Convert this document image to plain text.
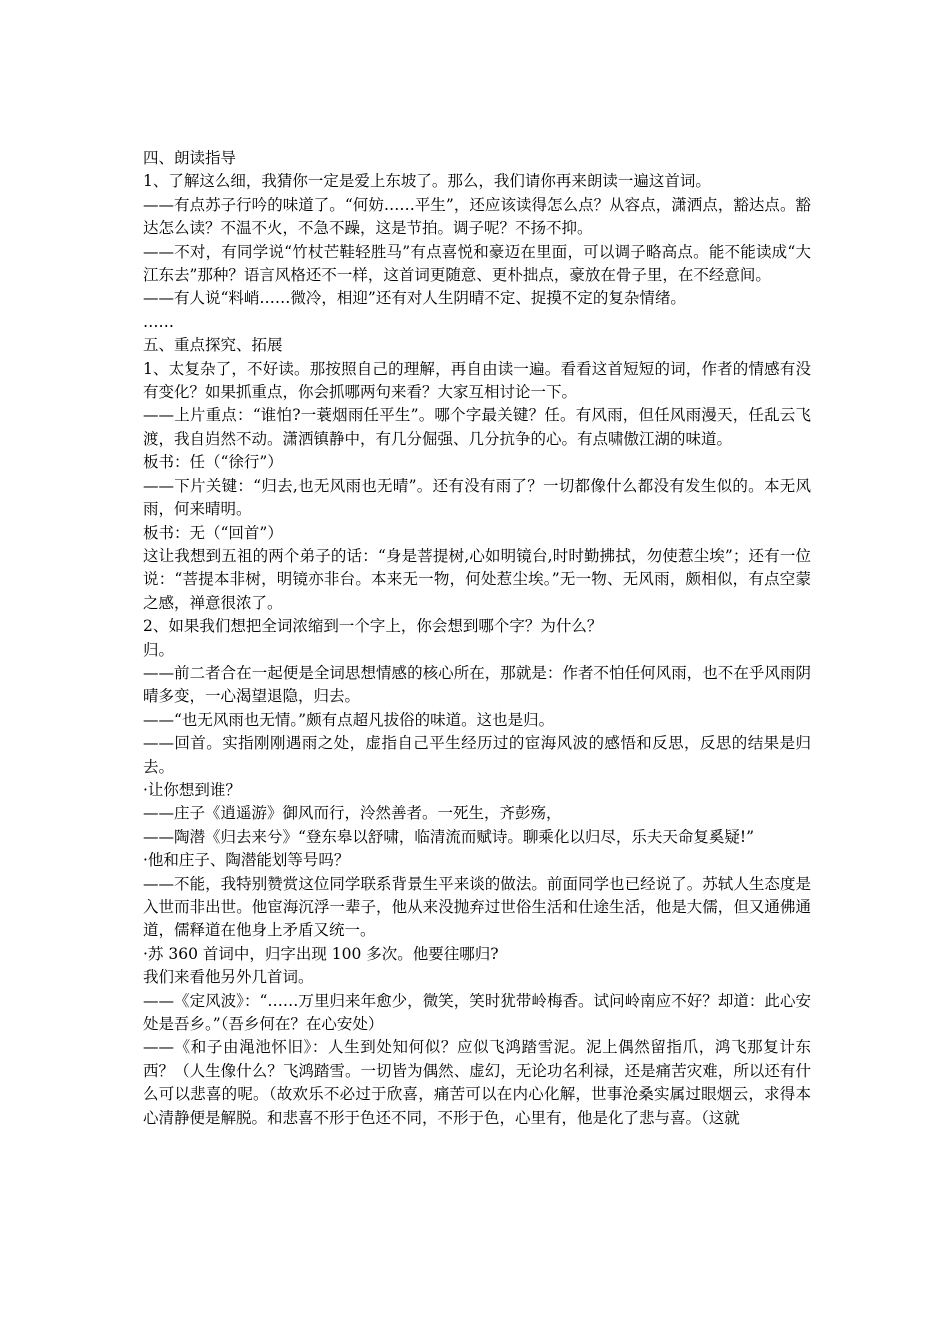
四、朗读指导

1、了解这么细，我猜你一定是爱上东坡了。那么，我们请你再来朗读一遍这首词。

——有点苏子行吟的味道了。“何妨……平生”，还应该读得怎么点？从容点，潇洒点，豁达点。豁达怎么读？不温不火，不急不躁，这是节拍。调子呢？不扬不抑。

——不对，有同学说“竹杖芒鞋轻胜马”有点喜悦和豪迈在里面，可以调子略高点。能不能读成“大江东去”那种？语言风格还不一样，这首词更随意、更朴拙点，豪放在骨子里，在不经意间。

——有人说“料峭……微冷，相迎”还有对人生阴晴不定、捉摸不定的复杂情绪。

……

五、重点探究、拓展

1、太复杂了，不好读。那按照自己的理解，再自由读一遍。看看这首短短的词，作者的情感有没有变化？如果抓重点，你会抓哪两句来看？大家互相讨论一下。

——上片重点：“谁怕?一蓑烟雨任平生”。哪个字最关键？任。有风雨，但任风雨漫天，任乱云飞渡，我自岿然不动。潇洒镇静中，有几分倔强、几分抗争的心。有点啸傲江湖的味道。

板书：任（“徐行”）

——下片关键：“归去,也无风雨也无晴”。还有没有雨了？一切都像什么都没有发生似的。本无风雨，何来晴明。

板书：无（“回首”）

这让我想到五祖的两个弟子的话：“身是菩提树,心如明镜台,时时勤拂拭，勿使惹尘埃”；还有一位说：“菩提本非树，明镜亦非台。本来无一物，何处惹尘埃。”无一物、无风雨，颇相似，有点空蒙之感，禅意很浓了。

2、如果我们想把全词浓缩到一个字上，你会想到哪个字？为什么？

归。

——前二者合在一起便是全词思想情感的核心所在，那就是：作者不怕任何风雨，也不在乎风雨阴晴多变，一心渴望退隐，归去。

——“也无风雨也无情。”颇有点超凡拔俗的味道。这也是归。

——回首。实指刚刚遇雨之处，虚指自己平生经历过的宦海风波的感悟和反思，反思的结果是归去。

·让你想到谁？

——庄子《逍遥游》御风而行，泠然善者。一死生，齐彭殇，

——陶潜《归去来兮》“登东皋以舒啸，临清流而赋诗。聊乘化以归尽，乐夫天命复奚疑!”

·他和庄子、陶潜能划等号吗？

——不能，我特别赞赏这位同学联系背景生平来谈的做法。前面同学也已经说了。苏轼人生态度是入世而非出世。他宦海沉浮一辈子，他从来没抛弃过世俗生活和仕途生活，他是大儒，但又通佛通道，儒释道在他身上矛盾又统一。

·苏 360 首词中，归字出现 100 多次。他要往哪归?

我们来看他另外几首词。

——《定风波》：“……万里归来年愈少，微笑，笑时犹带岭梅香。试问岭南应不好？却道：此心安处是吾乡。”（吾乡何在？在心安处）

——《和子由渑池怀旧》：人生到处知何似？应似飞鸿踏雪泥。泥上偶然留指爪，鸿飞那复计东西？（人生像什么？飞鸿踏雪。一切皆为偶然、虚幻，无论功名利禄，还是痛苦灾难，所以还有什么可以悲喜的呢。（故欢乐不必过于欣喜，痛苦可以在内心化解，世事沧桑实属过眼烟云，求得本心清静便是解脱。和悲喜不形于色还不同，不形于色，心里有，他是化了悲与喜。（这就
